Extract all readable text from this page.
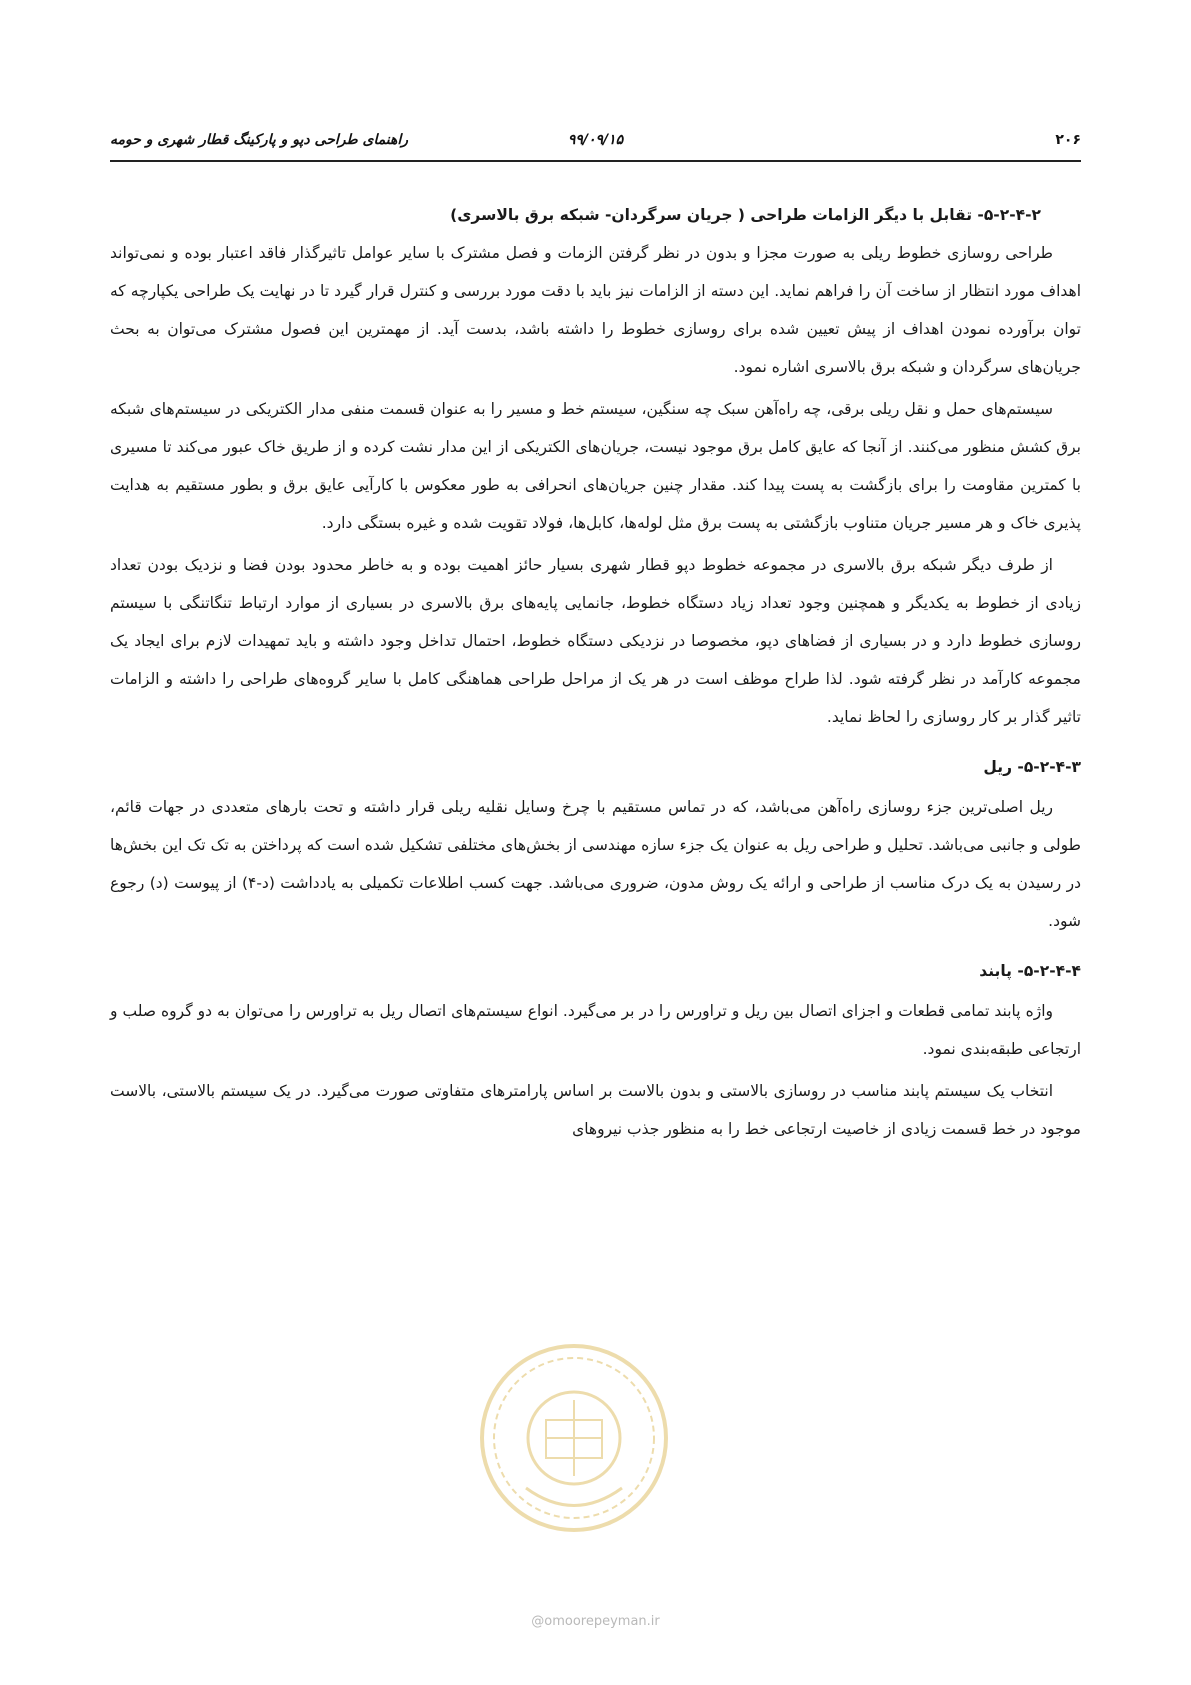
۲۰۶
۹۹/۰۹/۱۵
راهنمای طراحی دپو و پارکینگ قطار شهری و حومه
۵-۲-۴-۲- تقابل با دیگر الزامات طراحی ( جریان سرگردان- شبکه برق بالاسری)

طراحی روسازی خطوط ریلی به صورت مجزا و بدون در نظر گرفتن الزمات و فصل مشترک با سایر عوامل تاثیرگذار فاقد اعتبار بوده و نمی‌تواند اهداف مورد انتظار از ساخت آن را فراهم نماید. این دسته از الزامات نیز باید با دقت مورد بررسی و کنترل قرار گیرد تا در نهایت یک طراحی یکپارچه که توان برآورده نمودن اهداف از پیش تعیین شده برای روسازی خطوط را داشته باشد، بدست آید. از مهمترین این فصول مشترک می‌توان به بحث جریان‌های سرگردان و شبکه برق بالاسری اشاره نمود.

سیستم‌های حمل و نقل ریلی برقی، چه راه‌آهن سبک چه سنگین، سیستم خط و مسیر را به عنوان قسمت منفی مدار الکتریکی در سیستم‌های شبکه برق کشش منظور می‌کنند. از آنجا که عایق کامل برق موجود نیست، جریان‌های الکتریکی از این مدار نشت کرده و از طریق خاک عبور می‌کند تا مسیری با کمترین مقاومت را برای بازگشت به پست پیدا کند. مقدار چنین جریان‌های انحرافی به طور معکوس با کارآیی عایق برق و بطور مستقیم به هدایت پذیری خاک و هر مسیر جریان متناوب بازگشتی به پست برق مثل لوله‌ها، کابل‌ها، فولاد تقویت شده و غیره بستگی دارد.

از طرف دیگر شبکه برق بالاسری در مجموعه خطوط دپو قطار شهری بسیار حائز اهمیت بوده و به خاطر محدود بودن فضا و نزدیک بودن تعداد زیادی از خطوط به یکدیگر و همچنین وجود تعداد زیاد دستگاه خطوط، جانمایی پایه‌های برق بالاسری در بسیاری از موارد ارتباط تنگاتنگی با سیستم روسازی خطوط دارد و در بسیاری از فضاهای دپو، مخصوصا در نزدیکی دستگاه خطوط، احتمال تداخل وجود داشته و باید تمهیدات لازم برای ایجاد یک مجموعه کارآمد در نظر گرفته شود. لذا طراح موظف است در هر یک از مراحل طراحی هماهنگی کامل با سایر گروه‌های طراحی را داشته و الزامات تاثیر گذار بر کار روسازی را لحاظ نماید.

۵-۲-۴-۳- ریل

ریل اصلی‌ترین جزء روسازی راه‌آهن می‌باشد، که در تماس مستقیم با چرخ وسایل نقلیه ریلی قرار داشته و تحت بارهای متعددی در جهات قائم، طولی و جانبی می‌باشد. تحلیل و طراحی ریل به عنوان یک جزء سازه مهندسی از بخش‌های مختلفی تشکیل شده است که پرداختن به تک تک این بخش‌ها در رسیدن به یک درک مناسب از طراحی و ارائه یک روش مدون، ضروری می‌باشد. جهت کسب اطلاعات تکمیلی به یادداشت (د-۴) از پیوست (د) رجوع شود.

۵-۲-۴-۴- پابند

واژه پابند تمامی قطعات و اجزای اتصال بین ریل و تراورس را در بر می‌گیرد. انواع سیستم‌های اتصال ریل به تراورس را می‌توان به دو گروه صلب و ارتجاعی طبقه‌بندی نمود.

انتخاب یک سیستم پابند مناسب در روسازی بالاستی و بدون بالاست بر اساس پارامترهای متفاوتی صورت می‌گیرد. در یک سیستم بالاستی، بالاست موجود در خط قسمت زیادی از خاصیت ارتجاعی خط را به منظور جذب نیروهای

@omoorepeyman.ir
